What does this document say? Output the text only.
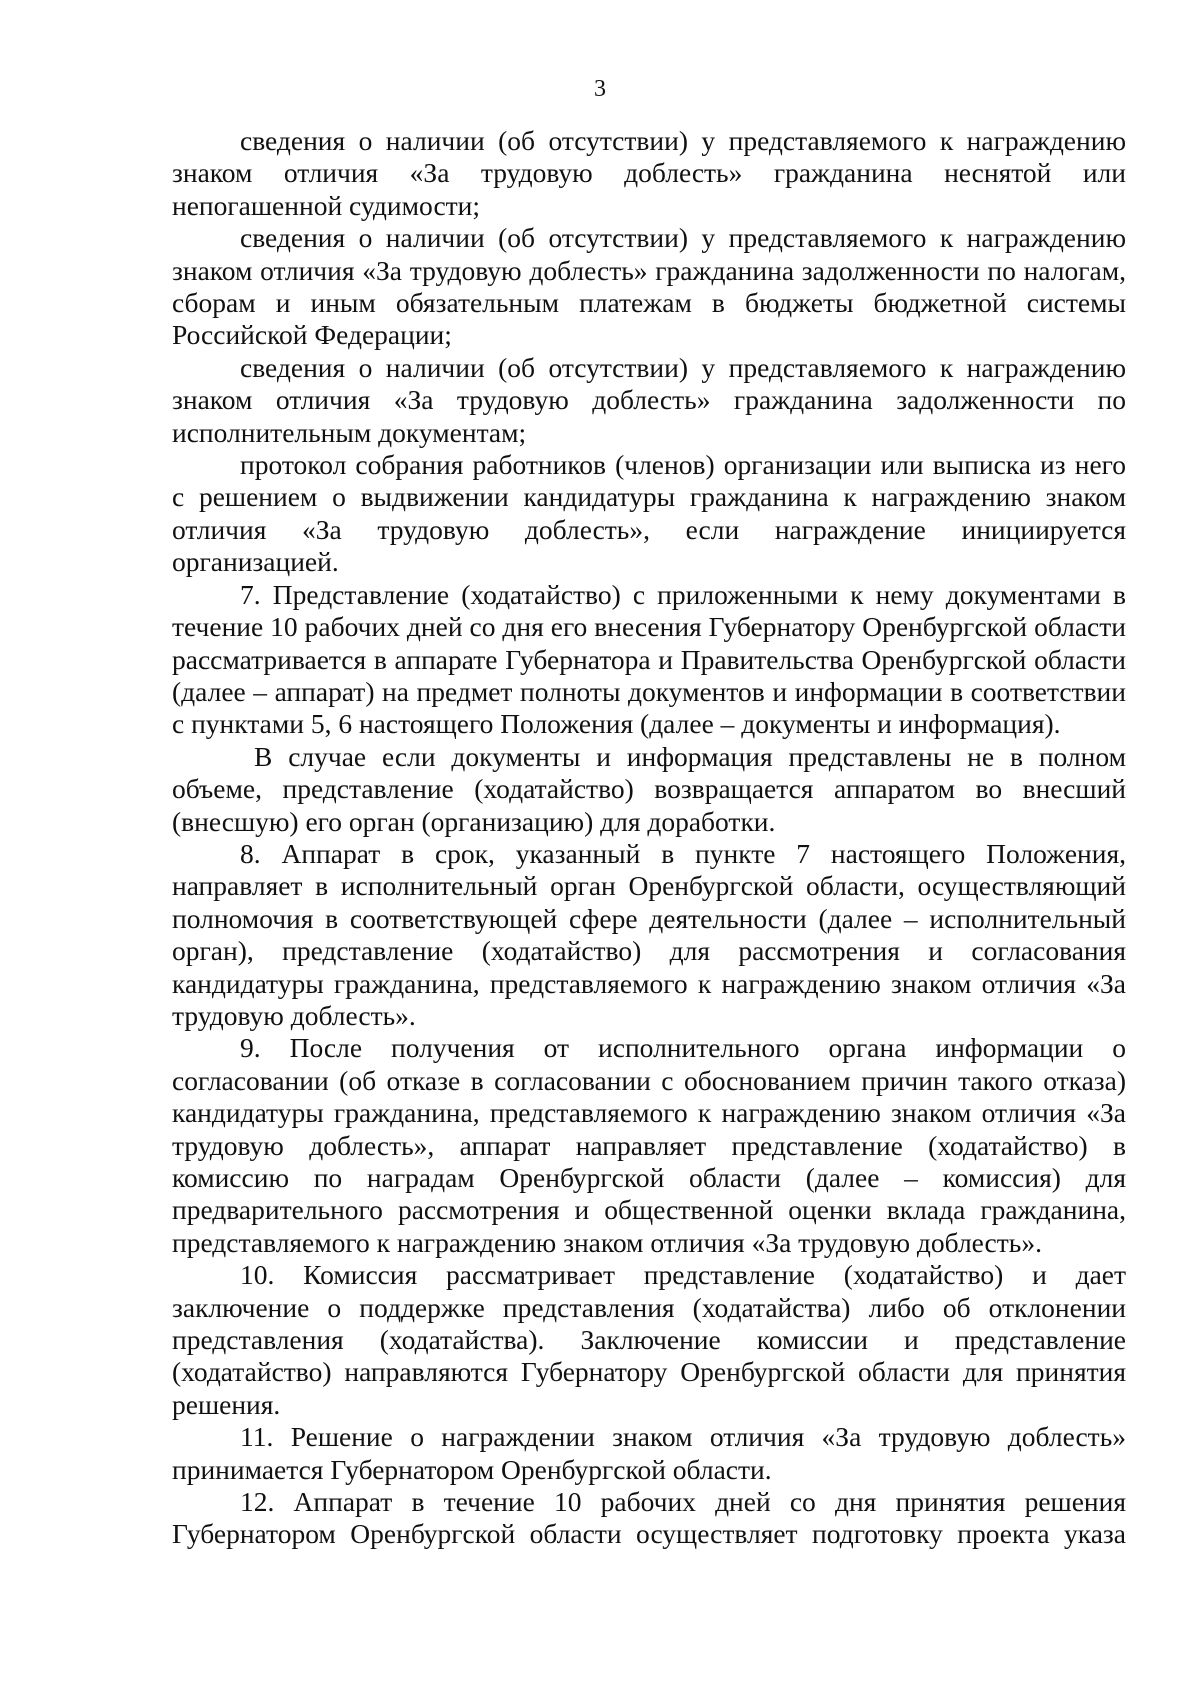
3

сведения о наличии (об отсутствии) у представляемого к награждению знаком отличия «За трудовую доблесть» гражданина неснятой или непогашенной судимости;

сведения о наличии (об отсутствии) у представляемого к награждению знаком отличия «За трудовую доблесть» гражданина задолженности по налогам, сборам и иным обязательным платежам в бюджеты бюджетной системы Российской Федерации;

сведения о наличии (об отсутствии) у представляемого к награждению знаком отличия «За трудовую доблесть» гражданина задолженности по исполнительным документам;

протокол собрания работников (членов) организации или выписка из него с решением о выдвижении кандидатуры гражданина к награждению знаком отличия «За трудовую доблесть», если награждение инициируется организацией.

7. Представление (ходатайство) с приложенными к нему документами в течение 10 рабочих дней со дня его внесения Губернатору Оренбургской области рассматривается в аппарате Губернатора и Правительства Оренбургской области (далее – аппарат) на предмет полноты документов и информации в соответствии с пунктами 5, 6 настоящего Положения (далее – документы и информация).

В случае если документы и информация представлены не в полном объеме, представление (ходатайство) возвращается аппаратом во внесший (внесшую) его орган (организацию) для доработки.

8. Аппарат в срок, указанный в пункте 7 настоящего Положения, направляет в исполнительный орган Оренбургской области, осуществляющий полномочия в соответствующей сфере деятельности (далее – исполнительный орган), представление (ходатайство) для рассмотрения и согласования кандидатуры гражданина, представляемого к награждению знаком отличия «За трудовую доблесть».

9. После получения от исполнительного органа информации о согласовании (об отказе в согласовании с обоснованием причин такого отказа) кандидатуры гражданина, представляемого к награждению знаком отличия «За трудовую доблесть», аппарат направляет представление (ходатайство) в комиссию по наградам Оренбургской области (далее – комиссия) для предварительного рассмотрения и общественной оценки вклада гражданина, представляемого к награждению знаком отличия «За трудовую доблесть».

10. Комиссия рассматривает представление (ходатайство) и дает заключение о поддержке представления (ходатайства) либо об отклонении представления (ходатайства). Заключение комиссии и представление (ходатайство) направляются Губернатору Оренбургской области для принятия решения.

11. Решение о награждении знаком отличия «За трудовую доблесть» принимается Губернатором Оренбургской области.

12. Аппарат в течение 10 рабочих дней со дня принятия решения Губернатором Оренбургской области осуществляет подготовку проекта указа
